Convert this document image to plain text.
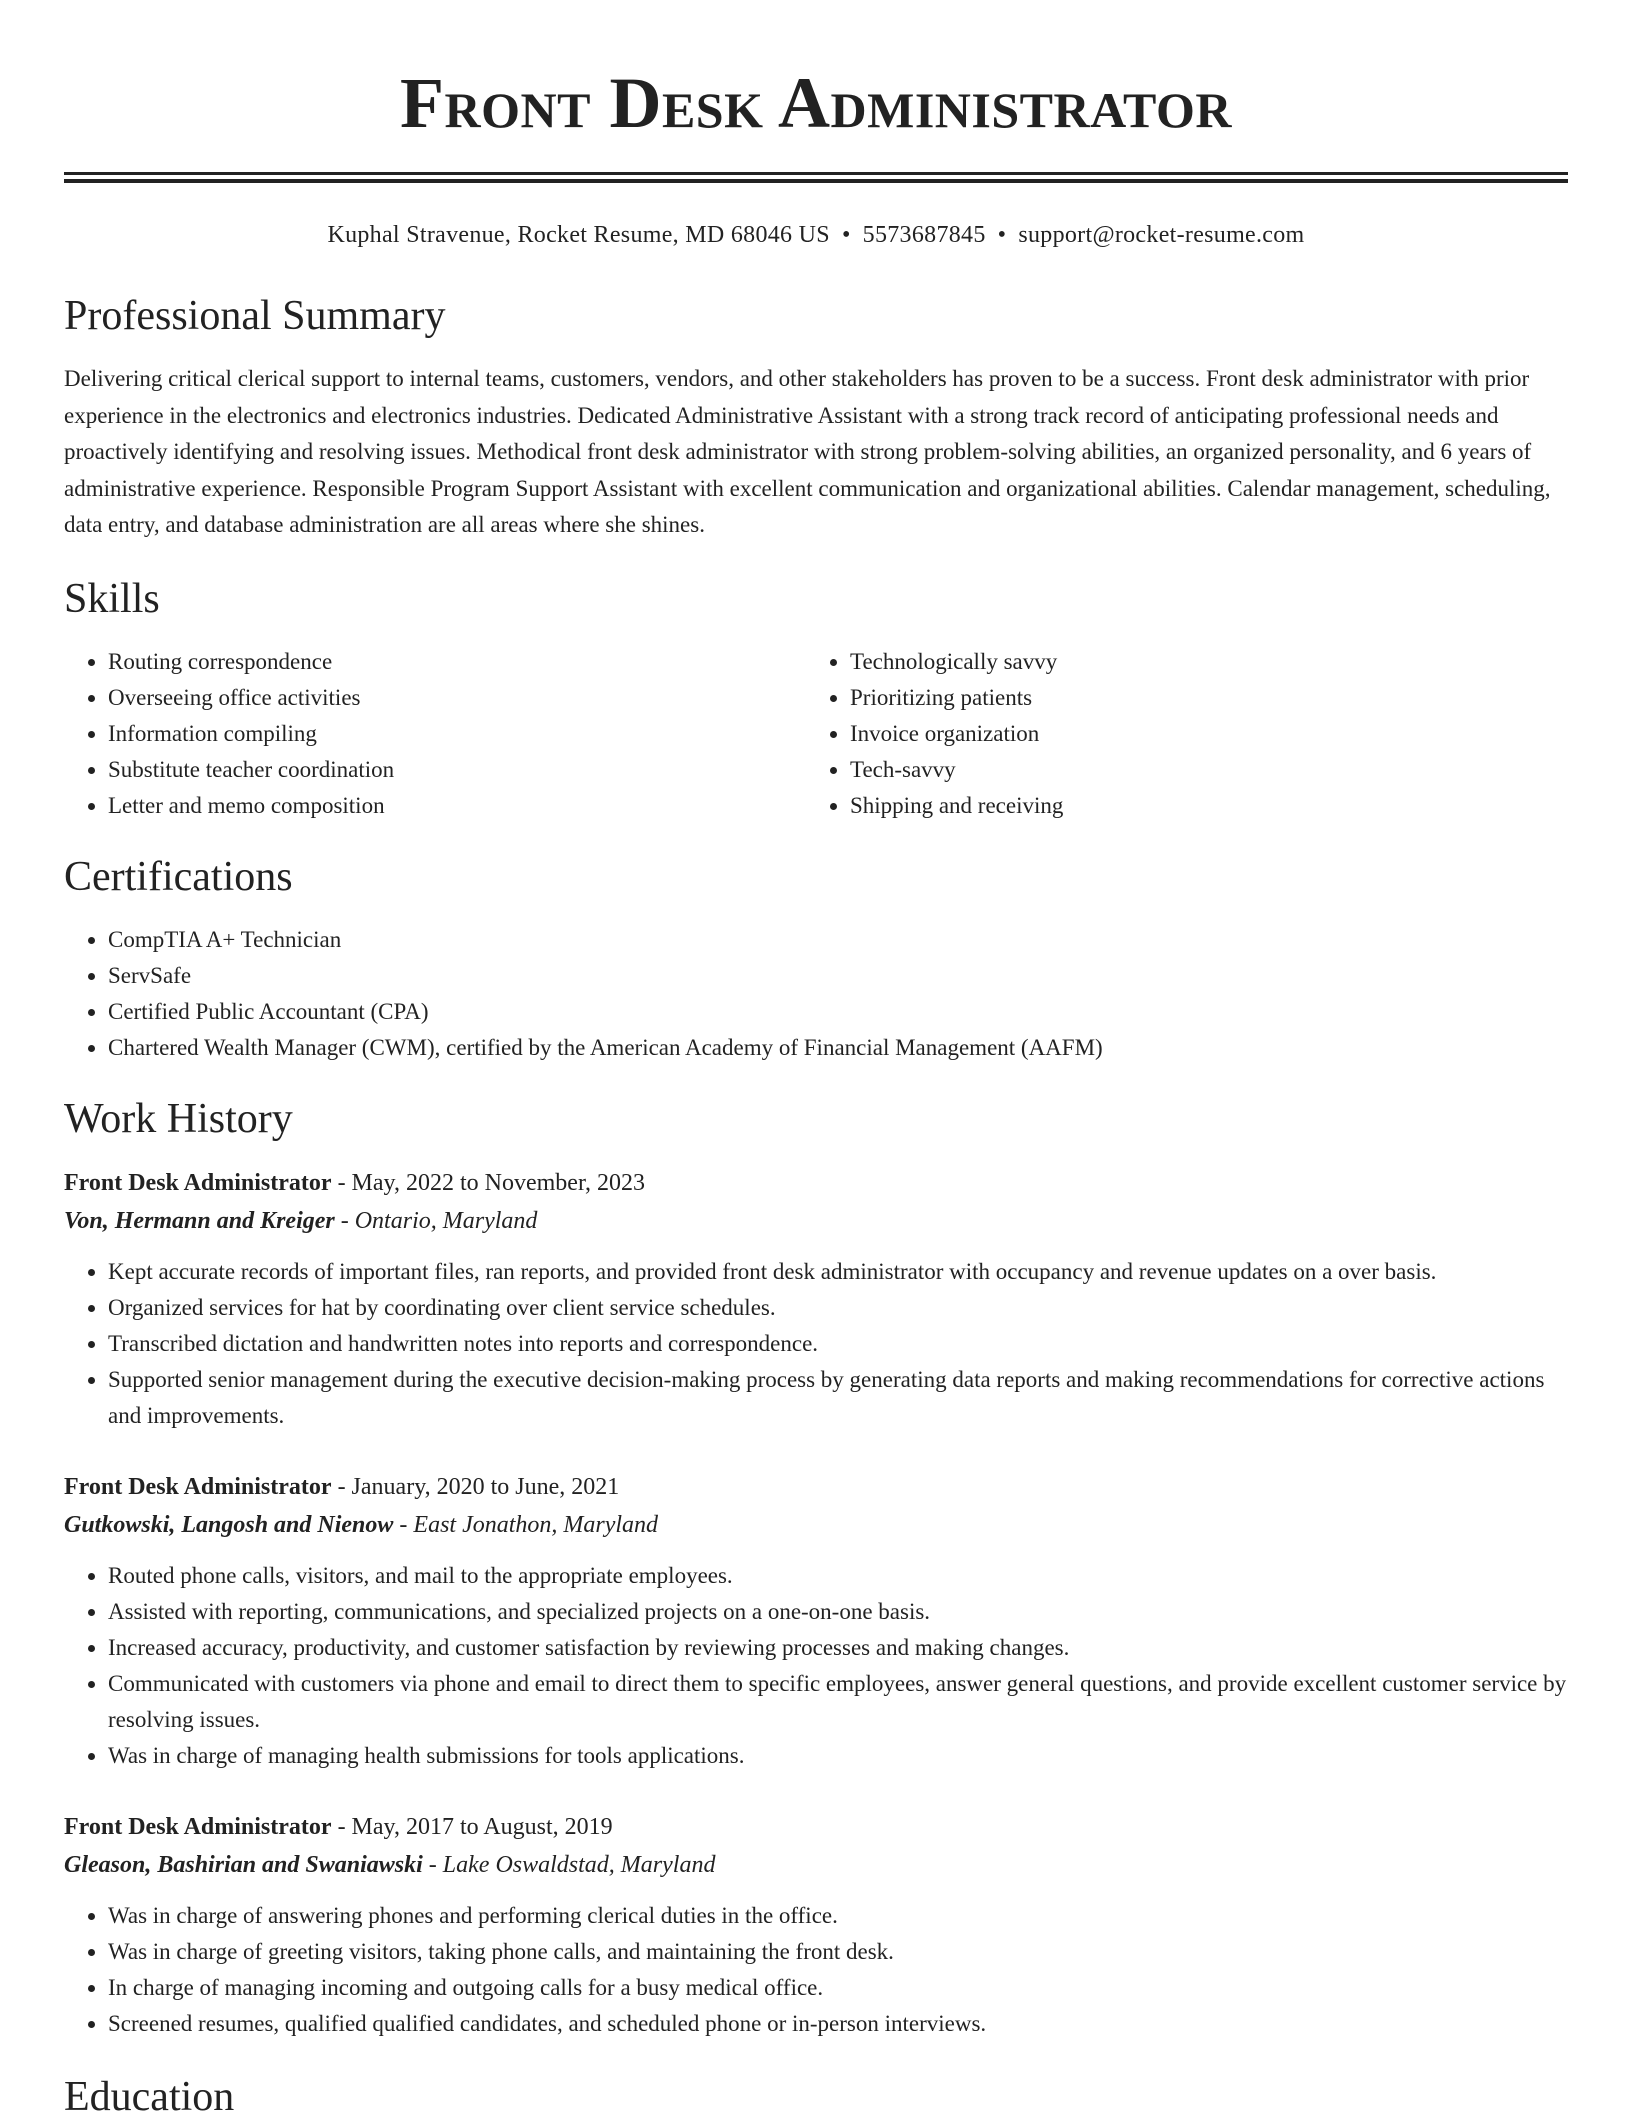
Front Desk Administrator
Kuphal Stravenue, Rocket Resume, MD 68046 US • 5573687845 • support@rocket-resume.com
Professional Summary

Delivering critical clerical support to internal teams, customers, vendors, and other stakeholders has proven to be a success. Front desk administrator with prior experience in the electronics and electronics industries. Dedicated Administrative Assistant with a strong track record of anticipating professional needs and proactively identifying and resolving issues. Methodical front desk administrator with strong problem-solving abilities, an organized personality, and 6 years of administrative experience. Responsible Program Support Assistant with excellent communication and organizational abilities. Calendar management, scheduling, data entry, and database administration are all areas where she shines.

Skills
• Routing correspondence
• Overseeing office activities
• Information compiling
• Substitute teacher coordination
• Letter and memo composition
• Technologically savvy
• Prioritizing patients
• Invoice organization
• Tech-savvy
• Shipping and receiving
Certifications
• CompTIA A+ Technician
• ServSafe
• Certified Public Accountant (CPA)
• Chartered Wealth Manager (CWM), certified by the American Academy of Financial Management (AAFM)
Work History
Front Desk Administrator - May, 2022 to November, 2023
Von, Hermann and Kreiger - Ontario, Maryland
• Kept accurate records of important files, ran reports, and provided front desk administrator with occupancy and revenue updates on a over basis.
• Organized services for hat by coordinating over client service schedules.
• Transcribed dictation and handwritten notes into reports and correspondence.
• Supported senior management during the executive decision-making process by generating data reports and making recommendations for corrective actions and improvements.
Front Desk Administrator - January, 2020 to June, 2021
Gutkowski, Langosh and Nienow - East Jonathon, Maryland
• Routed phone calls, visitors, and mail to the appropriate employees.
• Assisted with reporting, communications, and specialized projects on a one-on-one basis.
• Increased accuracy, productivity, and customer satisfaction by reviewing processes and making changes.
• Communicated with customers via phone and email to direct them to specific employees, answer general questions, and provide excellent customer service by resolving issues.
• Was in charge of managing health submissions for tools applications.
Front Desk Administrator - May, 2017 to August, 2019
Gleason, Bashirian and Swaniawski - Lake Oswaldstad, Maryland
• Was in charge of answering phones and performing clerical duties in the office.
• Was in charge of greeting visitors, taking phone calls, and maintaining the front desk.
• In charge of managing incoming and outgoing calls for a busy medical office.
• Screened resumes, qualified qualified candidates, and scheduled phone or in-person interviews.
Education
